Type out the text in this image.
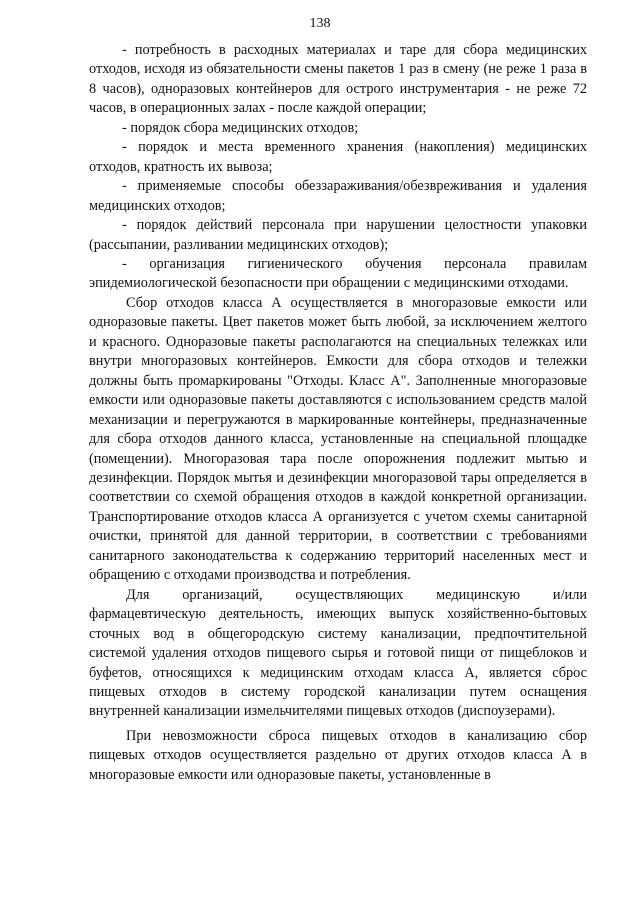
138

- потребность в расходных материалах и таре для сбора медицинских отходов, исходя из обязательности смены пакетов 1 раз в смену (не реже 1 раза в 8 часов), одноразовых контейнеров для острого инструментария - не реже 72 часов, в операционных залах - после каждой операции;

- порядок сбора медицинских отходов;

- порядок и места временного хранения (накопления) медицинских отходов, кратность их вывоза;

- применяемые способы обеззараживания/обезвреживания и удаления медицинских отходов;

- порядок действий персонала при нарушении целостности упаковки (рассыпании, разливании медицинских отходов);

- организация гигиенического обучения персонала правилам эпидемиологической безопасности при обращении с медицинскими отходами.

Сбор отходов класса А осуществляется в многоразовые емкости или одноразовые пакеты. Цвет пакетов может быть любой, за исключением желтого и красного. Одноразовые пакеты располагаются на специальных тележках или внутри многоразовых контейнеров. Емкости для сбора отходов и тележки должны быть промаркированы "Отходы. Класс А". Заполненные многоразовые емкости или одноразовые пакеты доставляются с использованием средств малой механизации и перегружаются в маркированные контейнеры, предназначенные для сбора отходов данного класса, установленные на специальной площадке (помещении). Многоразовая тара после опорожнения подлежит мытью и дезинфекции. Порядок мытья и дезинфекции многоразовой тары определяется в соответствии со схемой обращения отходов в каждой конкретной организации. Транспортирование отходов класса А организуется с учетом схемы санитарной очистки, принятой для данной территории, в соответствии с требованиями санитарного законодательства к содержанию территорий населенных мест и обращению с отходами производства и потребления.

Для организаций, осуществляющих медицинскую и/или фармацевтическую деятельность, имеющих выпуск хозяйственно-бытовых сточных вод в общегородскую систему канализации, предпочтительной системой удаления отходов пищевого сырья и готовой пищи от пищеблоков и буфетов, относящихся к медицинским отходам класса А, является сброс пищевых отходов в систему городской канализации путем оснащения внутренней канализации измельчителями пищевых отходов (диспоузерами).

При невозможности сброса пищевых отходов в канализацию сбор пищевых отходов осуществляется раздельно от других отходов класса А в многоразовые емкости или одноразовые пакеты, установленные в
